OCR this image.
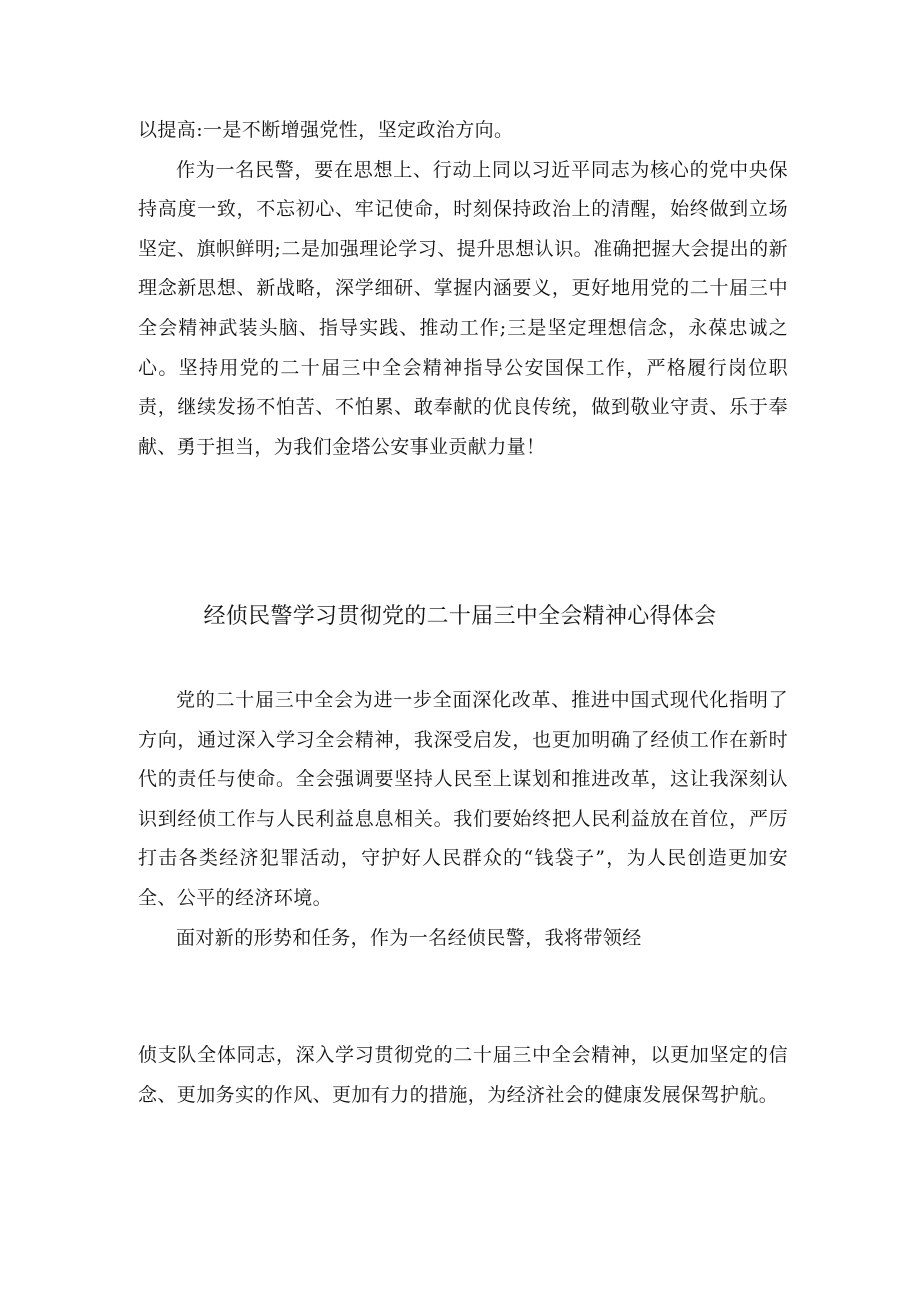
以提高:一是不断增强党性，坚定政治方向。

作为一名民警，要在思想上、行动上同以习近平同志为核心的党中央保持高度一致，不忘初心、牢记使命，时刻保持政治上的清醒，始终做到立场坚定、旗帜鲜明;二是加强理论学习、提升思想认识。准确把握大会提出的新理念新思想、新战略，深学细研、掌握内涵要义，更好地用党的二十届三中全会精神武装头脑、指导实践、推动工作;三是坚定理想信念，永葆忠诚之心。坚持用党的二十届三中全会精神指导公安国保工作，严格履行岗位职责，继续发扬不怕苦、不怕累、敢奉献的优良传统，做到敬业守责、乐于奉献、勇于担当，为我们金塔公安事业贡献力量！

经侦民警学习贯彻党的二十届三中全会精神心得体会

党的二十届三中全会为进一步全面深化改革、推进中国式现代化指明了方向，通过深入学习全会精神，我深受启发，也更加明确了经侦工作在新时代的责任与使命。全会强调要坚持人民至上谋划和推进改革，这让我深刻认识到经侦工作与人民利益息息相关。我们要始终把人民利益放在首位，严厉打击各类经济犯罪活动，守护好人民群众的“钱袋子”，为人民创造更加安全、公平的经济环境。

面对新的形势和任务，作为一名经侦民警，我将带领经

侦支队全体同志，深入学习贯彻党的二十届三中全会精神，以更加坚定的信念、更加务实的作风、更加有力的措施，为经济社会的健康发展保驾护航。
